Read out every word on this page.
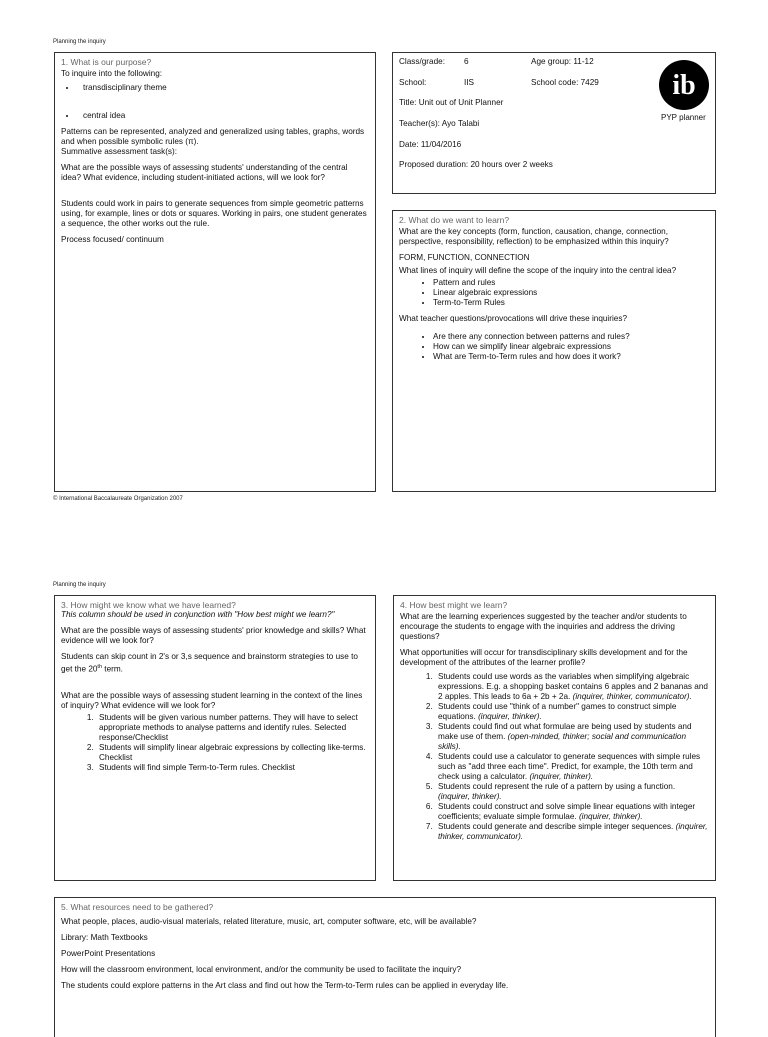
Planning the inquiry

1. What is our purpose?

To inquire into the following:

• transdisciplinary theme
• central idea

Patterns can be represented, analyzed and generalized using tables, graphs, words and when possible symbolic rules (π).

Summative assessment task(s):

What are the possible ways of assessing students' understanding of the central idea? What evidence, including student-initiated actions, will we look for?

Students could work in pairs to generate sequences from simple geometric patterns using, for example, lines or dots or squares. Working in pairs, one student generates a sequence, the other works out the rule.

Process focused/ continuum

Class/grade: 6	Age group: 11-12
School:	IIS	School code: 7429
Title: Unit out of Unit Planner
Teacher(s): Ayo Talabi
Date: 11/04/2016
Proposed duration: 20 hours over 2 weeks
ib
PYP planner

2. What do we want to learn?

What are the key concepts (form, function, causation, change, connection, perspective, responsibility, reflection) to be emphasized within this inquiry?

FORM, FUNCTION, CONNECTION

What lines of inquiry will define the scope of the inquiry into the central idea?

• Pattern and rules
• Linear algebraic expressions
• Term-to-Term Rules

What teacher questions/provocations will drive these inquiries?

• Are there any connection between patterns and rules?
• How can we simplify linear algebraic expressions
• What are Term-to-Term rules and how does it work?
© International Baccalaureate Organization 2007
Planning the inquiry

3. How might we know what we have learned?

This column should be used in conjunction with "How best might we learn?"

What are the possible ways of assessing students' prior knowledge and skills? What evidence will we look for?

Students can skip count in 2's or 3,s sequence and brainstorm strategies to use to get the 20th term.

What are the possible ways of assessing student learning in the context of the lines of inquiry? What evidence will we look for?

1. Students will be given various number patterns. They will have to select appropriate methods to analyse patterns and identify rules. Selected response/Checklist
2. Students will simplify linear algebraic expressions by collecting like-terms. Checklist
3. Students will find simple Term-to-Term rules. Checklist

4. How best might we learn?

What are the learning experiences suggested by the teacher and/or students to encourage the students to engage with the inquiries and address the driving questions?

What opportunities will occur for transdisciplinary skills development and for the development of the attributes of the learner profile?

1. Students could use words as the variables when simplifying algebraic expressions. E.g. a shopping basket contains 6 apples and 2 bananas and 2 apples. This leads to 6a + 2b + 2a. (inquirer, thinker, communicator).
2. Students could use "think of a number" games to construct simple equations. (inquirer, thinker).
3. Students could find out what formulae are being used by students and make use of them. (open-minded, thinker; social and communication skills).
4. Students could use a calculator to generate sequences with simple rules such as "add three each time". Predict, for example, the 10th term and check using a calculator. (inquirer, thinker).
5. Students could represent the rule of a pattern by using a function. (inquirer, thinker).
6. Students could construct and solve simple linear equations with integer coefficients; evaluate simple formulae. (inquirer, thinker).
7. Students could generate and describe simple integer sequences. (inquirer, thinker, communicator).

5. What resources need to be gathered?

What people, places, audio-visual materials, related literature, music, art, computer software, etc, will be available?

Library: Math Textbooks

PowerPoint Presentations

How will the classroom environment, local environment, and/or the community be used to facilitate the inquiry?

The students could explore patterns in the Art class and find out how the Term-to-Term rules can be applied in everyday life.
